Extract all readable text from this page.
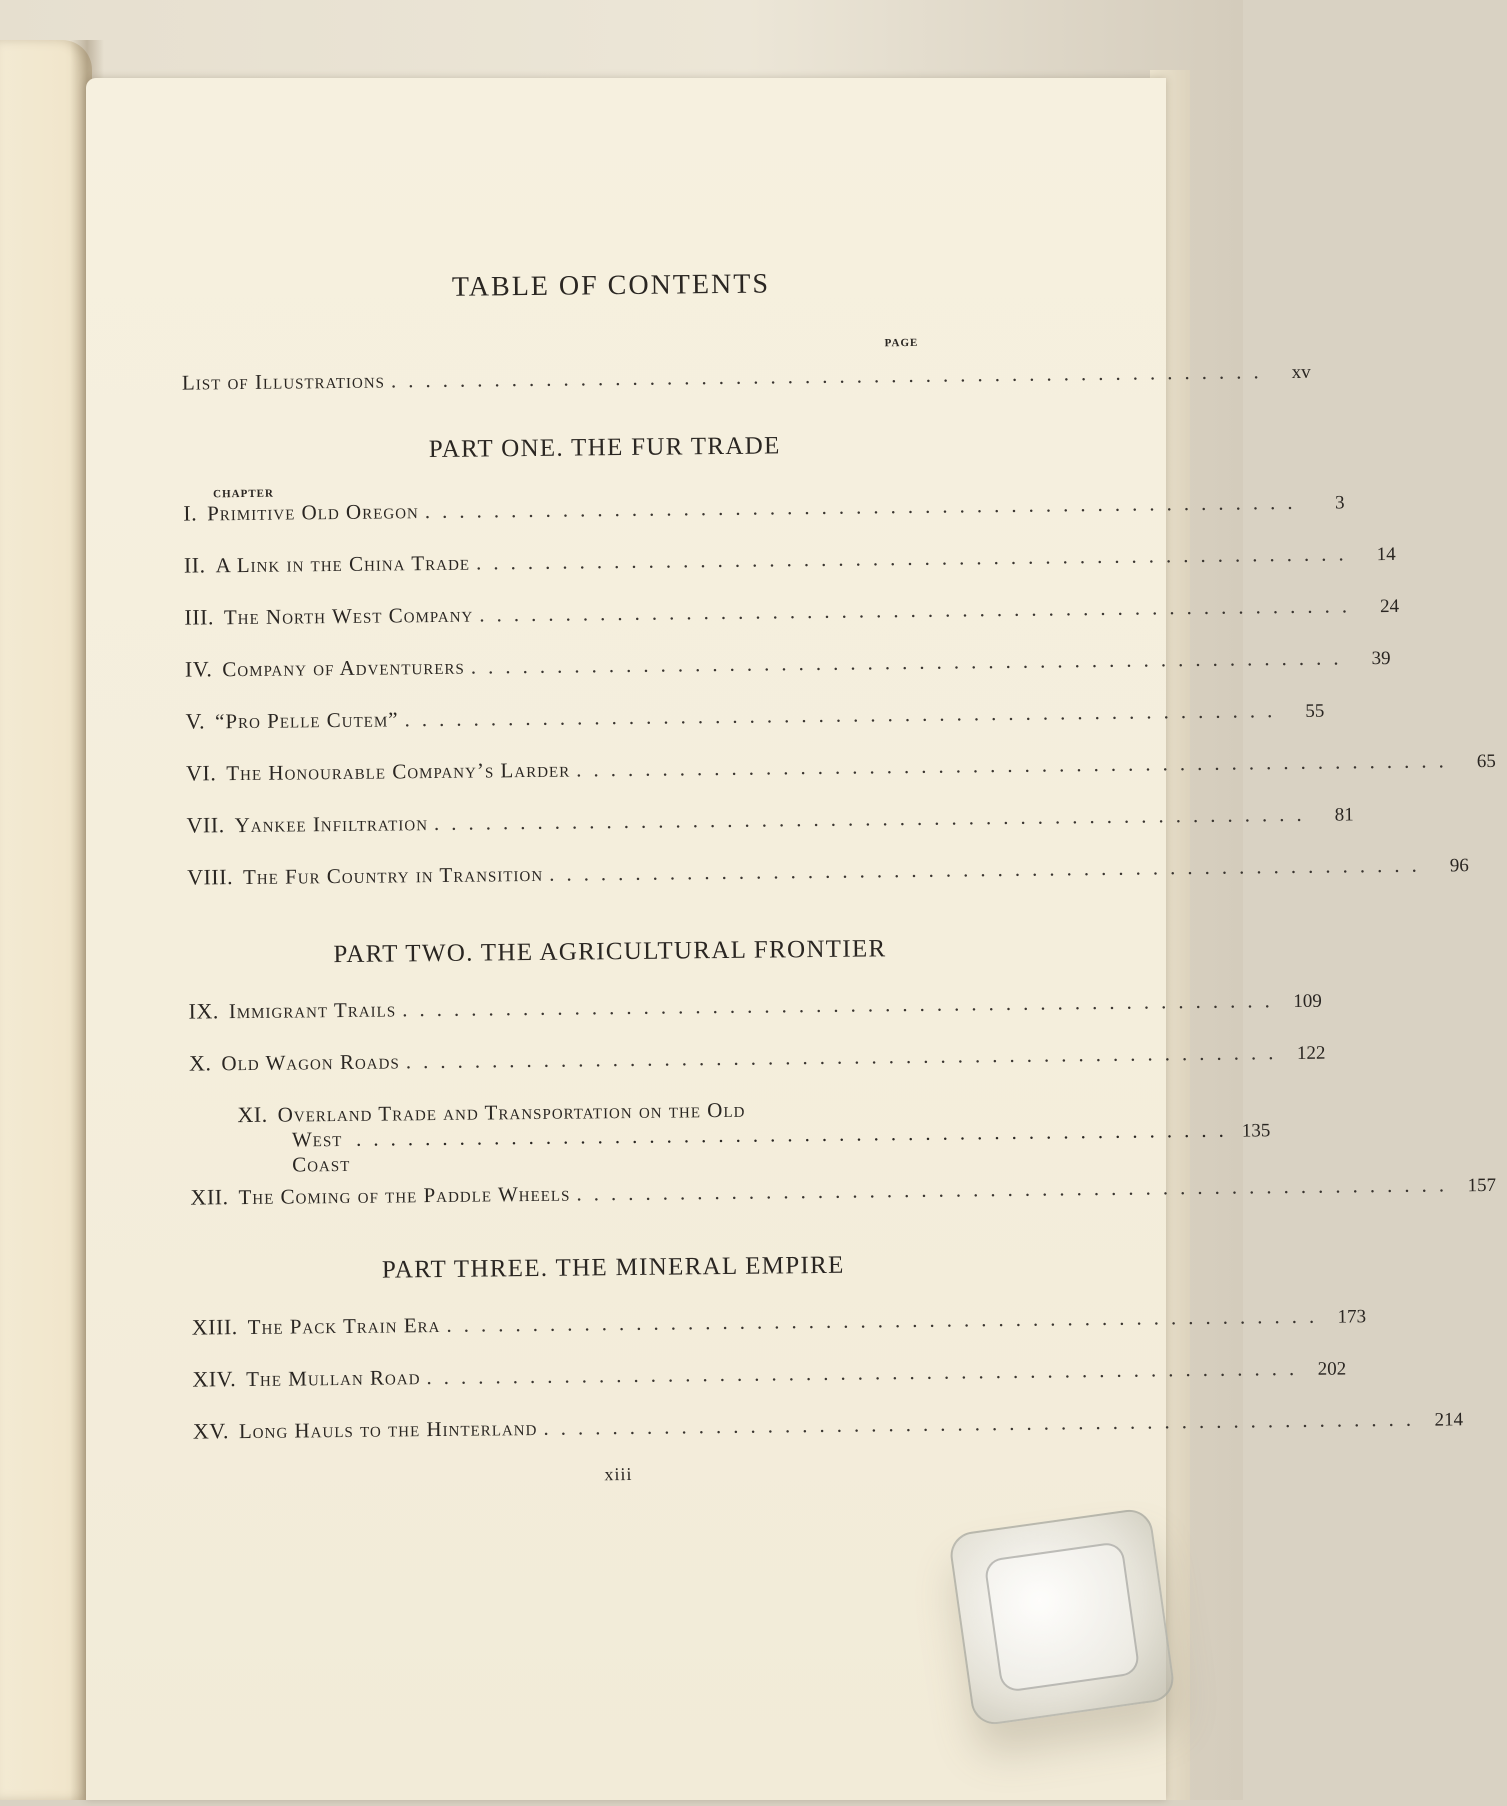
TABLE OF CONTENTS
PAGE
List of Illustrations ...................................................	xv
PART ONE. THE FUR TRADE
CHAPTER
I. Primitive Old Oregon ...................................................	3
II. A Link in the China Trade ...................................................	14
III. The North West Company ...................................................	24
IV. Company of Adventurers ...................................................	39
V. “Pro Pelle Cutem” ...................................................	55
VI. The Honourable Company’s Larder ...................................................	65
VII. Yankee Infiltration ...................................................	81
VIII. The Fur Country in Transition ...................................................	96
PART TWO. THE AGRICULTURAL FRONTIER
IX. Immigrant Trails ................................................... 109
X. Old Wagon Roads ................................................... 122
XI. Overland Trade and Transportation on the Old
West Coast
................................................... 135
XII. The Coming of the Paddle Wheels ................................................... 157
PART THREE. THE MINERAL EMPIRE
XIII. The Pack Train Era ................................................... 173
XIV. The Mullan Road ................................................... 202
XV. Long Hauls to the Hinterland ................................................... 214
xiii
